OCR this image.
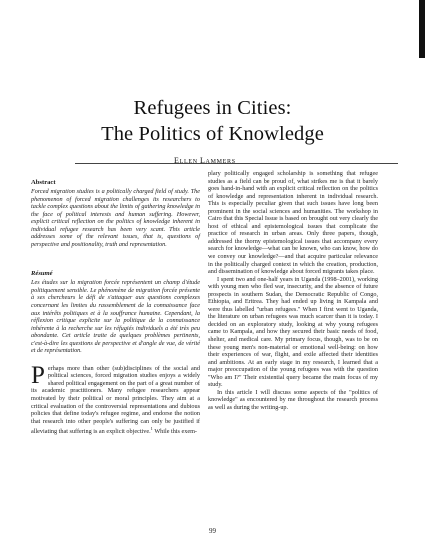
Refugees in Cities:
The Politics of Knowledge
ELLEN LAMMERS
Abstract

Forced migration studies is a politically charged field of study. The phenomenon of forced migration challenges its researchers to tackle complex questions about the limits of gathering knowledge in the face of political interests and human suffering. However, explicit critical reflection on the politics of knowledge inherent in individual refugee research has been very scant. This article addresses some of the relevant issues, that is, questions of perspective and positionality, truth and representation.

Résumé

Les études sur la migration forcée représentent un champ d'étude politiquement sensible. Le phénomène de migration forcée présente à ses chercheurs le défi de s'attaquer aux questions complexes concernant les limites du rassemblement de la connaissance face aux intérêts politiques et à la souffrance humaine. Cependant, la réflexion critique explicite sur la politique de la connaissance inhérente à la recherche sur les réfugiés individuels a été très peu abondante. Cet article traite de quelques problèmes pertinents, c'est-à-dire les questions de perspective et d'angle de vue, de vérité et de représentation.

Perhaps more than other (sub)disciplines of the social and political sciences, forced migration studies enjoys a widely shared political engagement on the part of a great number of its academic practitioners. Many refugee researchers appear motivated by their political or moral principles. They aim at a critical evaluation of the controversial representations and dubious policies that define today's refugee regime, and endorse the notion that research into other people's suffering can only be justified if alleviating that suffering is an explicit objective.$^1$ While this exem-

plary politically engaged scholarship is something that refugee studies as a field can be proud of, what strikes me is that it barely goes hand-in-hand with an explicit critical reflection on the politics of knowledge and representation inherent in individual research. This is especially peculiar given that such issues have long been prominent in the social sciences and humanities. The workshop in Cairo that this Special Issue is based on brought out very clearly the host of ethical and epistemological issues that complicate the practice of research in urban areas. Only three papers, though, addressed the thorny epistemological issues that accompany every search for knowledge—what can be known, who can know, how do we convey our knowledge?—and that acquire particular relevance in the politically charged context in which the creation, production, and dissemination of knowledge about forced migrants takes place.

I spent two and one-half years in Uganda (1998–2001), working with young men who fled war, insecurity, and the absence of future prospects in southern Sudan, the Democratic Republic of Congo, Ethiopia, and Eritrea. They had ended up living in Kampala and were thus labelled "urban refugees." When I first went to Uganda, the literature on urban refugees was much scarcer than it is today. I decided on an exploratory study, looking at why young refugees came to Kampala, and how they secured their basic needs of food, shelter, and medical care. My primary focus, though, was to be on these young men's non-material or emotional well-being: on how their experiences of war, flight, and exile affected their identities and ambitions. At an early stage in my research, I learned that a major preoccupation of the young refugees was with the question "Who am I?" Their existential query became the main focus of my study.

In this article I will discuss some aspects of the "politics of knowledge" as encountered by me throughout the research process as well as during the writing-up.

99
